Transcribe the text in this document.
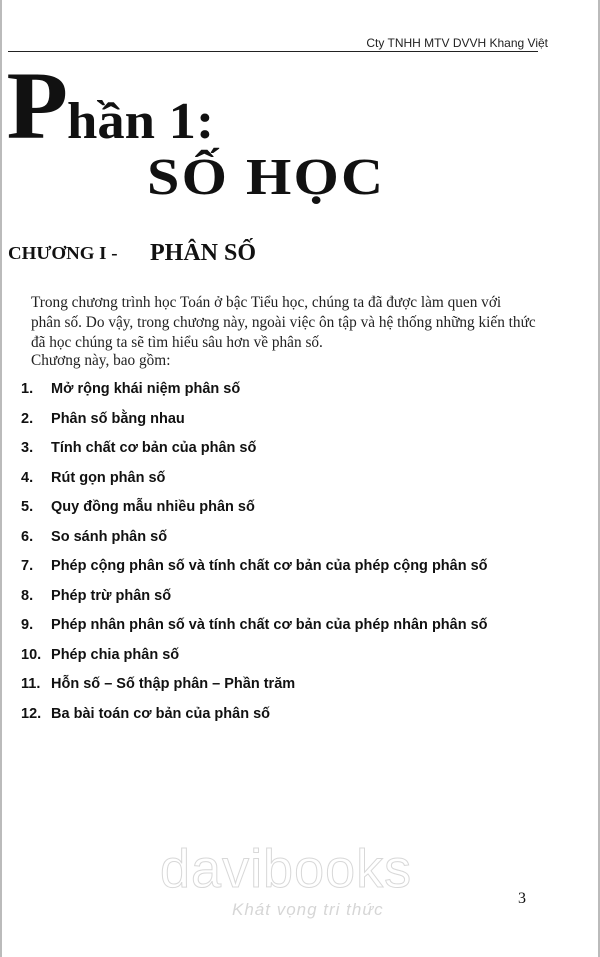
Cty TNHH MTV DVVH Khang Việt
Phần 1:
SỐ HỌC
CHƯƠNG I - PHÂN SỐ

Trong chương trình học Toán ở bậc Tiểu học, chúng ta đã được làm quen với
phân số. Do vậy, trong chương này, ngoài việc ôn tập và hệ thống những kiến thức
đã học chúng ta sẽ tìm hiểu sâu hơn về phân số.

Chương này, bao gồm:
1. Mở rộng khái niệm phân số
2. Phân số bằng nhau
3. Tính chất cơ bản của phân số
4. Rút gọn phân số
5. Quy đồng mẫu nhiều phân số
6. So sánh phân số
7. Phép cộng phân số và tính chất cơ bản của phép cộng phân số
8. Phép trừ phân số
9. Phép nhân phân số và tính chất cơ bản của phép nhân phân số
10. Phép chia phân số
11. Hỗn số – Số thập phân – Phần trăm
12. Ba bài toán cơ bản của phân số
davibooks
Khát vọng tri thức
3
